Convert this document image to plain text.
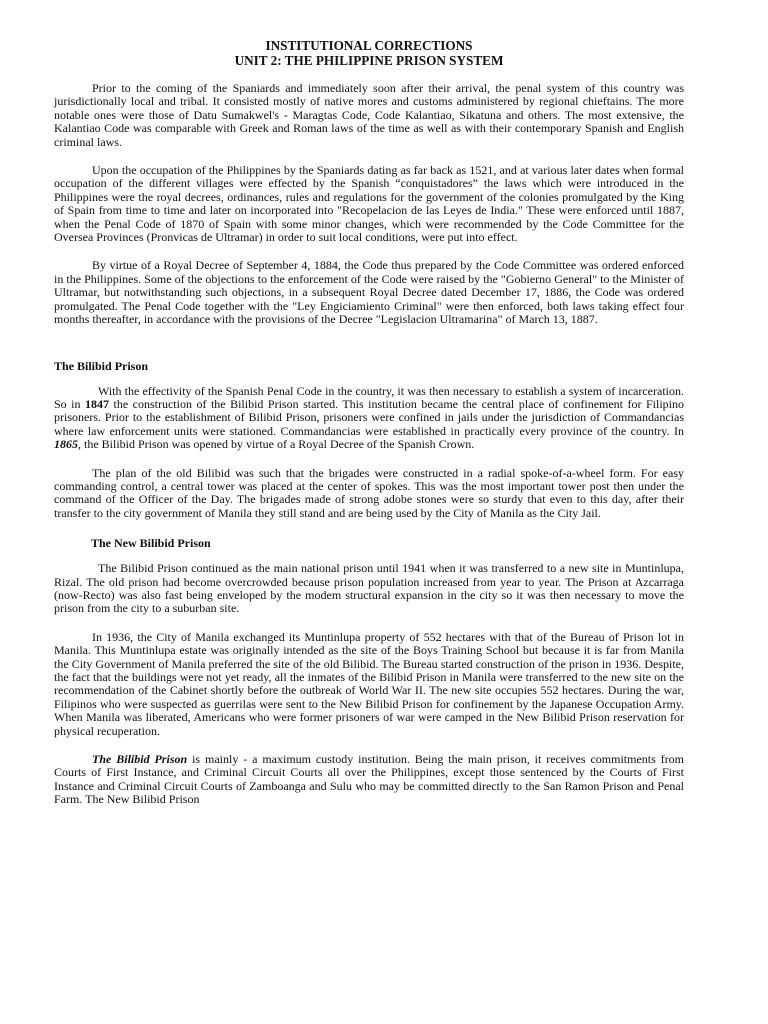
INSTITUTIONAL CORRECTIONS
UNIT 2: THE PHILIPPINE PRISON SYSTEM

Prior to the coming of the Spaniards and immediately soon after their arrival, the penal system of this country was jurisdictionally local and tribal. It consisted mostly of native mores and customs administered by regional chieftains. The more notable ones were those of Datu Sumakwel's - Maragtas Code, Code Kalantiao, Sikatuna and others. The most extensive, the Kalantiao Code was comparable with Greek and Roman laws of the time as well as with their contemporary Spanish and English criminal laws.

Upon the occupation of the Philippines by the Spaniards dating as far back as 1521, and at various later dates when formal occupation of the different villages were effected by the Spanish “conquistadores” the laws which were introduced in the Philippines were the royal decrees, ordinances, rules and regulations for the government of the colonies promulgated by the King of Spain from time to time and later on incorporated into "Recopelacion de las Leyes de India." These were enforced until 1887, when the Penal Code of 1870 of Spain with some minor changes, which were recommended by the Code Committee for the Oversea Provinces (Pronvicas de Ultramar) in order to suit local conditions, were put into effect.

By virtue of a Royal Decree of September 4, 1884, the Code thus prepared by the Code Committee was ordered enforced in the Philippines. Some of the objections to the enforcement of the Code were raised by the "Gobierno General" to the Minister of Ultramar, but notwithstanding such objections, in a subsequent Royal Decree dated December 17, 1886, the Code was ordered promulgated. The Penal Code together with the "Ley Engiciamiento Criminal" were then enforced, both laws taking effect four months thereafter, in accordance with the provisions of the Decree "Legislacion Ultramarina" of March 13, 1887.

The Bilibid Prison

With the effectivity of the Spanish Penal Code in the country, it was then necessary to establish a system of incarceration. So in 1847 the construction of the Bilibid Prison started. This institution became the central place of confinement for Filipino prisoners. Prior to the establishment of Bilibid Prison, prisoners were confined in jails under the jurisdiction of Commandancias where law enforcement units were stationed. Commandancias were established in practically every province of the country. In 1865, the Bilibid Prison was opened by virtue of a Royal Decree of the Spanish Crown.

The plan of the old Bilibid was such that the brigades were constructed in a radial spoke-of-a-wheel form. For easy commanding control, a central tower was placed at the center of spokes. This was the most important tower post then under the command of the Officer of the Day. The brigades made of strong adobe stones were so sturdy that even to this day, after their transfer to the city government of Manila they still stand and are being used by the City of Manila as the City Jail.

The New Bilibid Prison

The Bilibid Prison continued as the main national prison until 1941 when it was transferred to a new site in Muntinlupa, Rizal. The old prison had become overcrowded because prison population increased from year to year. The Prison at Azcarraga (now-Recto) was also fast being enveloped by the modem structural expansion in the city so it was then necessary to move the prison from the city to a suburban site.

In 1936, the City of Manila exchanged its Muntinlupa property of 552 hectares with that of the Bureau of Prison lot in Manila. This Muntinlupa estate was originally intended as the site of the Boys Training School but because it is far from Manila the City Government of Manila preferred the site of the old Bilibid. The Bureau started construction of the prison in 1936. Despite, the fact that the buildings were not yet ready, all the inmates of the Bilibid Prison in Manila were transferred to the new site on the recommendation of the Cabinet shortly before the outbreak of World War II. The new site occupies 552 hectares. During the war, Filipinos who were suspected as guerrilas were sent to the New Bilibid Prison for confinement by the Japanese Occupation Army. When Manila was liberated, Americans who were former prisoners of war were camped in the New Bilibid Prison reservation for physical recuperation.

The Bilibid Prison is mainly - a maximum custody institution. Being the main prison, it receives commitments from Courts of First Instance, and Criminal Circuit Courts all over the Philippines, except those sentenced by the Courts of First Instance and Criminal Circuit Courts of Zamboanga and Sulu who may be committed directly to the San Ramon Prison and Penal Farm. The New Bilibid Prison
